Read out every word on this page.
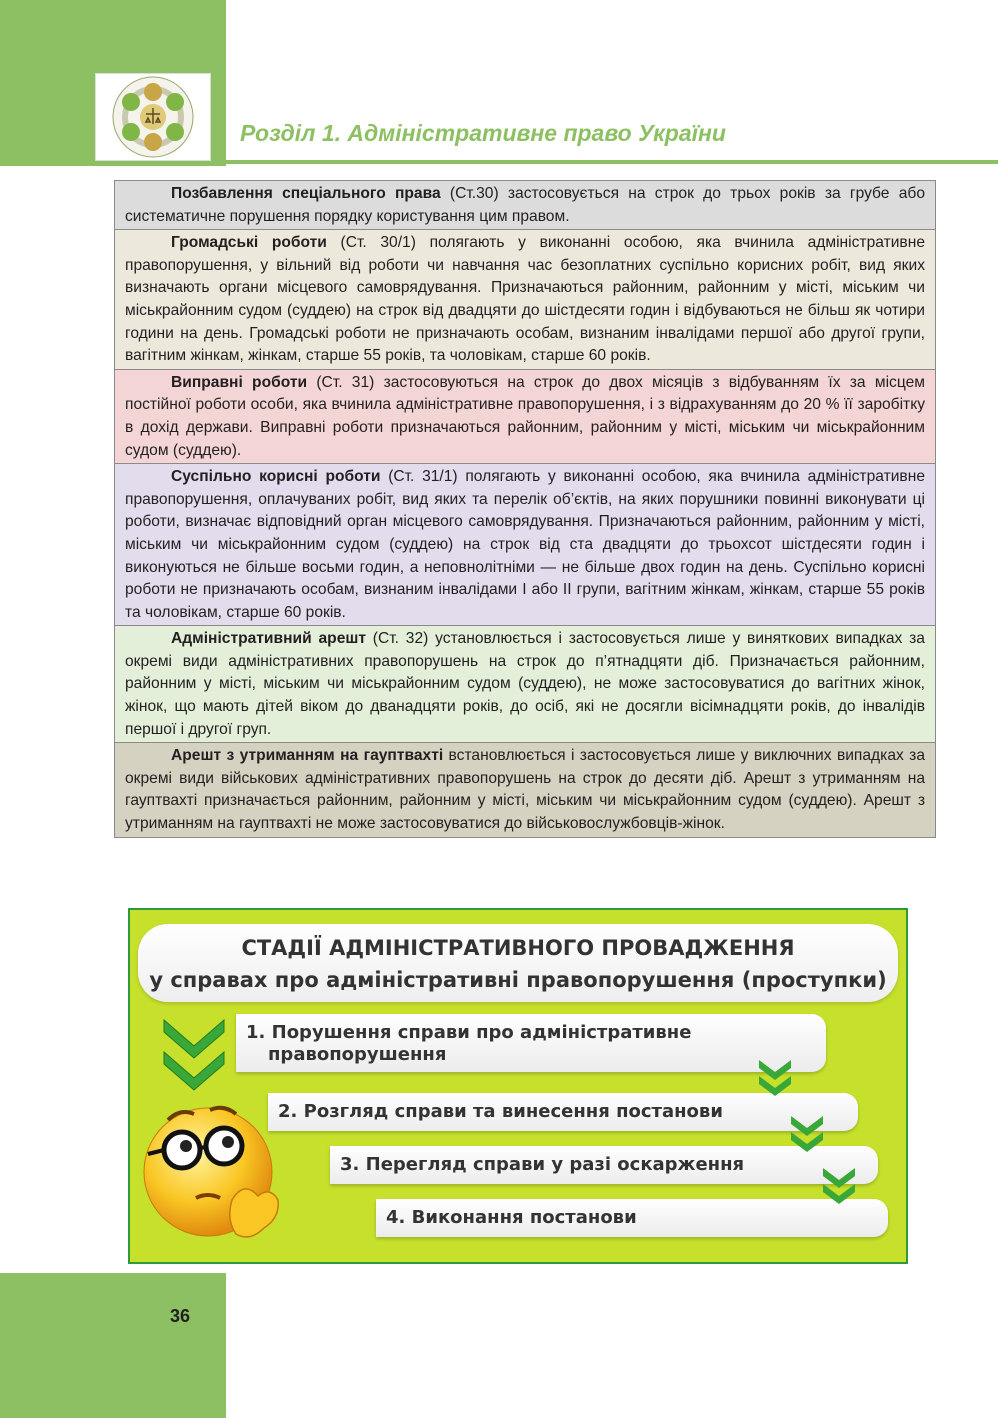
Розділ 1. Адміністративне право України
Позбавлення спеціального права (Ст.30) застосовується на строк до трьох років за грубе або систематичне порушення порядку користування цим правом.
Громадські роботи (Ст. 30/1) полягають у виконанні особою, яка вчинила адміністративне правопорушення, у вільний від роботи чи навчання час безоплатних суспільно корисних робіт, вид яких визначають органи місцевого самоврядування. Призначаються районним, районним у місті, міським чи міськрайонним судом (суддею) на строк від двадцяти до шістдесяти годин і відбуваються не більш як чотири години на день. Громадські роботи не призначають особам, визнаним інвалідами першої або другої групи, вагітним жінкам, жінкам, старше 55 років, та чоловікам, старше 60 років.
Виправні роботи (Ст. 31) застосовуються на строк до двох місяців з відбуванням їх за місцем постійної роботи особи, яка вчинила адміністративне правопорушення, і з відрахуванням до 20 % її заробітку в дохід держави. Виправні роботи призначаються районним, районним у місті, міським чи міськрайонним судом (суддею).
Суспільно корисні роботи (Ст. 31/1) полягають у виконанні особою, яка вчинила адміністративне правопорушення, оплачуваних робіт, вид яких та перелік об’єктів, на яких порушники повинні виконувати ці роботи, визначає відповідний орган місцевого самоврядування. Призначаються районним, районним у місті, міським чи міськрайонним судом (суддею) на строк від ста двадцяти до трьохсот шістдесяти годин і виконуються не більше восьми годин, а неповнолітніми — не більше двох годин на день. Суспільно корисні роботи не призначають особам, визнаним інвалідами I або II групи, вагітним жінкам, жінкам, старше 55 років та чоловікам, старше 60 років.
Адміністративний арешт (Ст. 32) установлюється і застосовується лише у виняткових випадках за окремі види адміністративних правопорушень на строк до п’ятнадцяти діб. Призначається районним, районним у місті, міським чи міськрайонним судом (суддею), не може застосовуватися до вагітних жінок, жінок, що мають дітей віком до дванадцяти років, до осіб, які не досягли вісімнадцяти років, до інвалідів першої і другої груп.
Арешт з утриманням на гауптвахті встановлюється і застосовується лише у виключних випадках за окремі види військових адміністративних правопорушень на строк до десяти діб. Арешт з утриманням на гауптвахті призначається районним, районним у місті, міським чи міськрайонним судом (суддею). Арешт з утриманням на гауптвахті не може застосовуватися до військовослужбовців-жінок.
СТАДІЇ АДМІНІСТРАТИВНОГО ПРОВАДЖЕННЯ
у справах про адміністративні правопорушення (проступки)
1. Порушення справи про адміністративне
правопорушення
2. Розгляд справи та винесення постанови
3. Перегляд справи у разі оскарження
4. Виконання постанови
36
